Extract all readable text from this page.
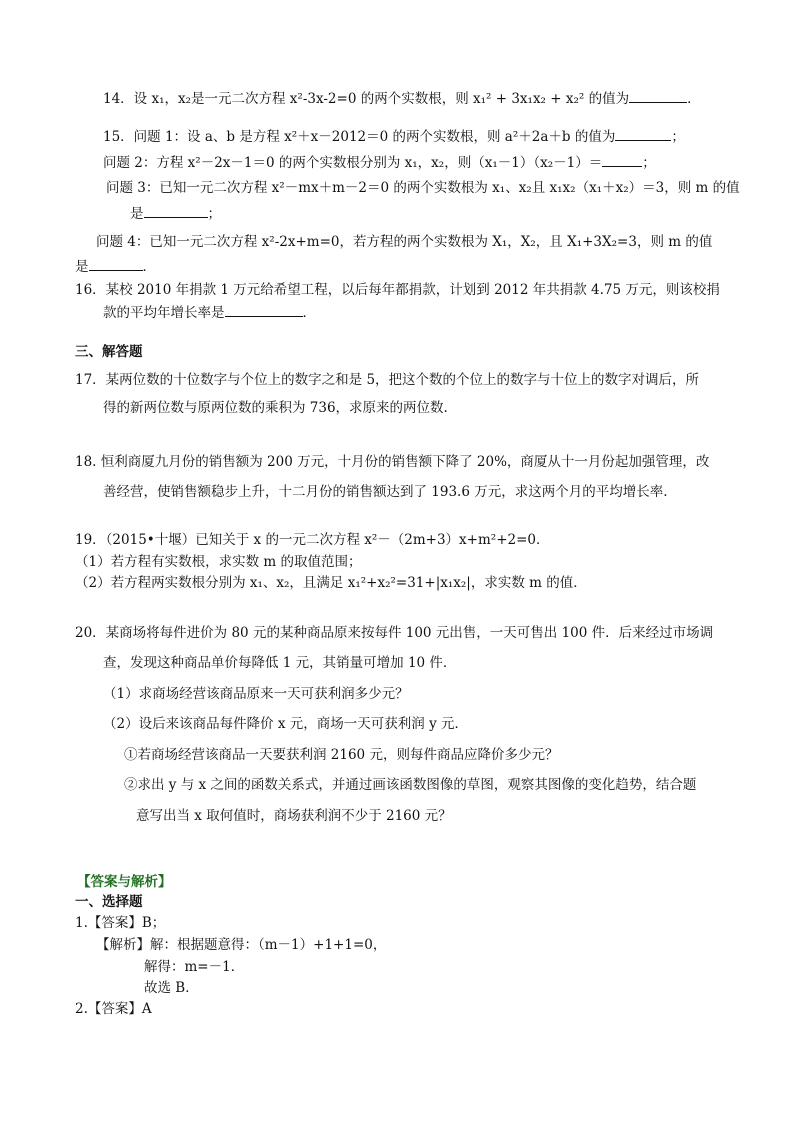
14．设 x₁，x₂是一元二次方程 x²-3x-2=0 的两个实数根，则 x₁² + 3x₁x₂ + x₂² 的值为	．
15．问题 1：设 a、b 是方程 x²＋x－2012＝0 的两个实数根，则 a²＋2a＋b 的值为	；
问题 2：方程 x²－2x－1＝0 的两个实数根分别为 x₁，x₂，则（x₁－1）（x₂－1）＝	；
问题 3：已知一元二次方程 x²－mx＋m－2＝0 的两个实数根为 x₁、x₂且 x₁x₂（x₁＋x₂）＝3，则 m 的值
是	；
问题 4：已知一元二次方程 x²-2x+m=0，若方程的两个实数根为 X₁，X₂，且 X₁+3X₂=3，则 m 的值
是	．
16．某校 2010 年捐款 1 万元给希望工程，以后每年都捐款，计划到 2012 年共捐款 4.75 万元，则该校捐
款的平均年增长率是	．
三、解答题
17．某两位数的十位数字与个位上的数字之和是 5，把这个数的个位上的数字与十位上的数字对调后，所
得的新两位数与原两位数的乘积为 736，求原来的两位数.
18. 恒利商厦九月份的销售额为 200 万元，十月份的销售额下降了 20%，商厦从十一月份起加强管理，改
善经营，使销售额稳步上升，十二月份的销售额达到了 193.6 万元，求这两个月的平均增长率.
19．（2015•十堰）已知关于 x 的一元二次方程 x²－（2m+3）x+m²+2=0．
（1）若方程有实数根，求实数 m 的取值范围；
（2）若方程两实数根分别为 x₁、x₂，且满足 x₁²+x₂²=31+|x₁x₂|，求实数 m 的值．
20．某商场将每件进价为 80 元的某种商品原来按每件 100 元出售，一天可售出 100 件．后来经过市场调
查，发现这种商品单价每降低 1 元，其销量可增加 10 件．
（1）求商场经营该商品原来一天可获利润多少元？
（2）设后来该商品每件降价 x 元，商场一天可获利润 y 元．
①若商场经营该商品一天要获利润 2160 元，则每件商品应降价多少元？
②求出 y 与 x 之间的函数关系式，并通过画该函数图像的草图，观察其图像的变化趋势，结合题
意写出当 x 取何值时，商场获利润不少于 2160 元？
【答案与解析】
一、选择题
1.【答案】B；
【解析】解：根据题意得：（m－1）+1+1=0，
解得：m=－1．
故选 B．
2.【答案】A
